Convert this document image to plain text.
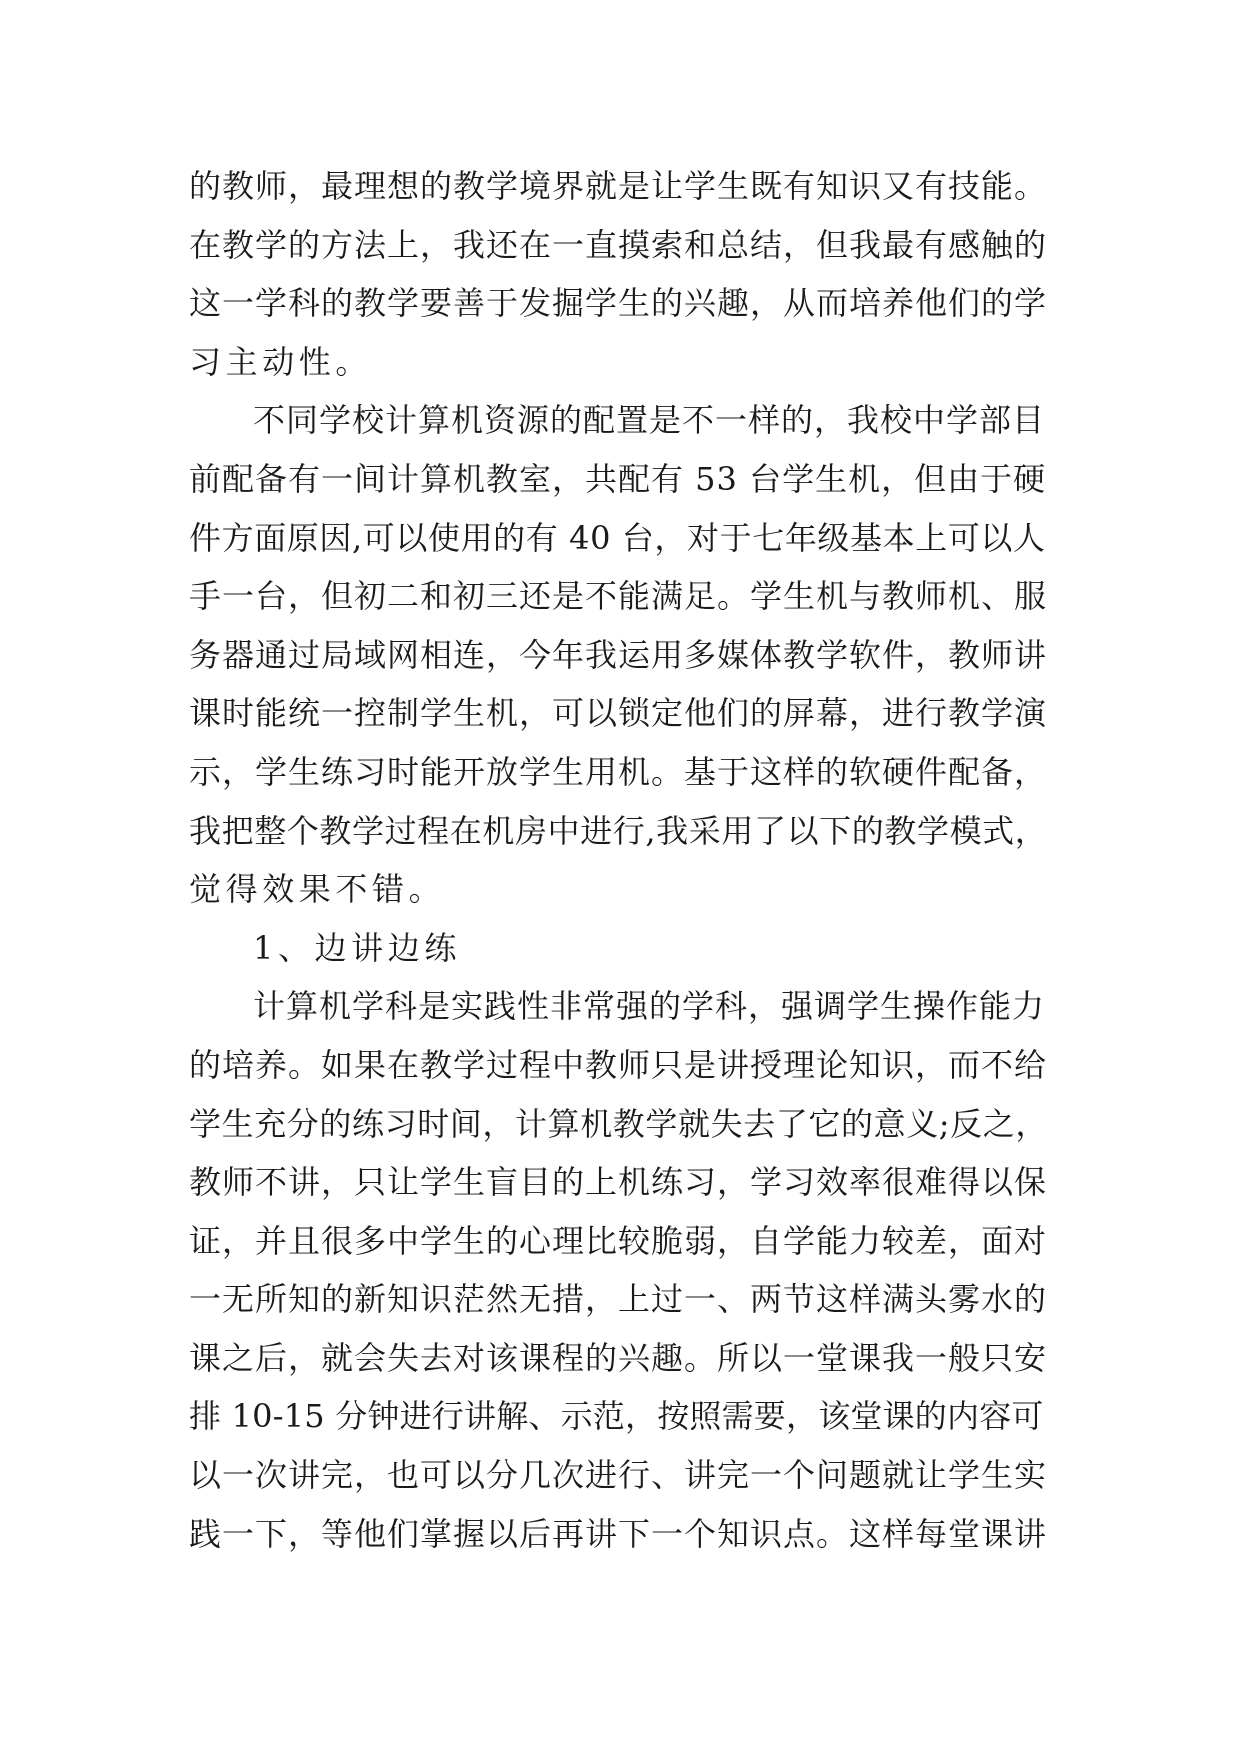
的教师，最理想的教学境界就是让学生既有知识又有技能。
在教学的方法上，我还在一直摸索和总结，但我最有感触的
这一学科的教学要善于发掘学生的兴趣，从而培养他们的学
习主动性。
不同学校计算机资源的配置是不一样的，我校中学部目
前配备有一间计算机教室，共配有 53 台学生机，但由于硬
件方面原因,可以使用的有 40 台，对于七年级基本上可以人
手一台，但初二和初三还是不能满足。学生机与教师机、服
务器通过局域网相连，今年我运用多媒体教学软件，教师讲
课时能统一控制学生机，可以锁定他们的屏幕，进行教学演
示，学生练习时能开放学生用机。基于这样的软硬件配备，
我把整个教学过程在机房中进行,我采用了以下的教学模式，
觉得效果不错。
1、边讲边练
计算机学科是实践性非常强的学科，强调学生操作能力
的培养。如果在教学过程中教师只是讲授理论知识，而不给
学生充分的练习时间，计算机教学就失去了它的意义;反之，
教师不讲，只让学生盲目的上机练习，学习效率很难得以保
证，并且很多中学生的心理比较脆弱，自学能力较差，面对
一无所知的新知识茫然无措，上过一、两节这样满头雾水的
课之后，就会失去对该课程的兴趣。所以一堂课我一般只安
排 10-15 分钟进行讲解、示范，按照需要，该堂课的内容可
以一次讲完，也可以分几次进行、讲完一个问题就让学生实
践一下，等他们掌握以后再讲下一个知识点。这样每堂课讲
